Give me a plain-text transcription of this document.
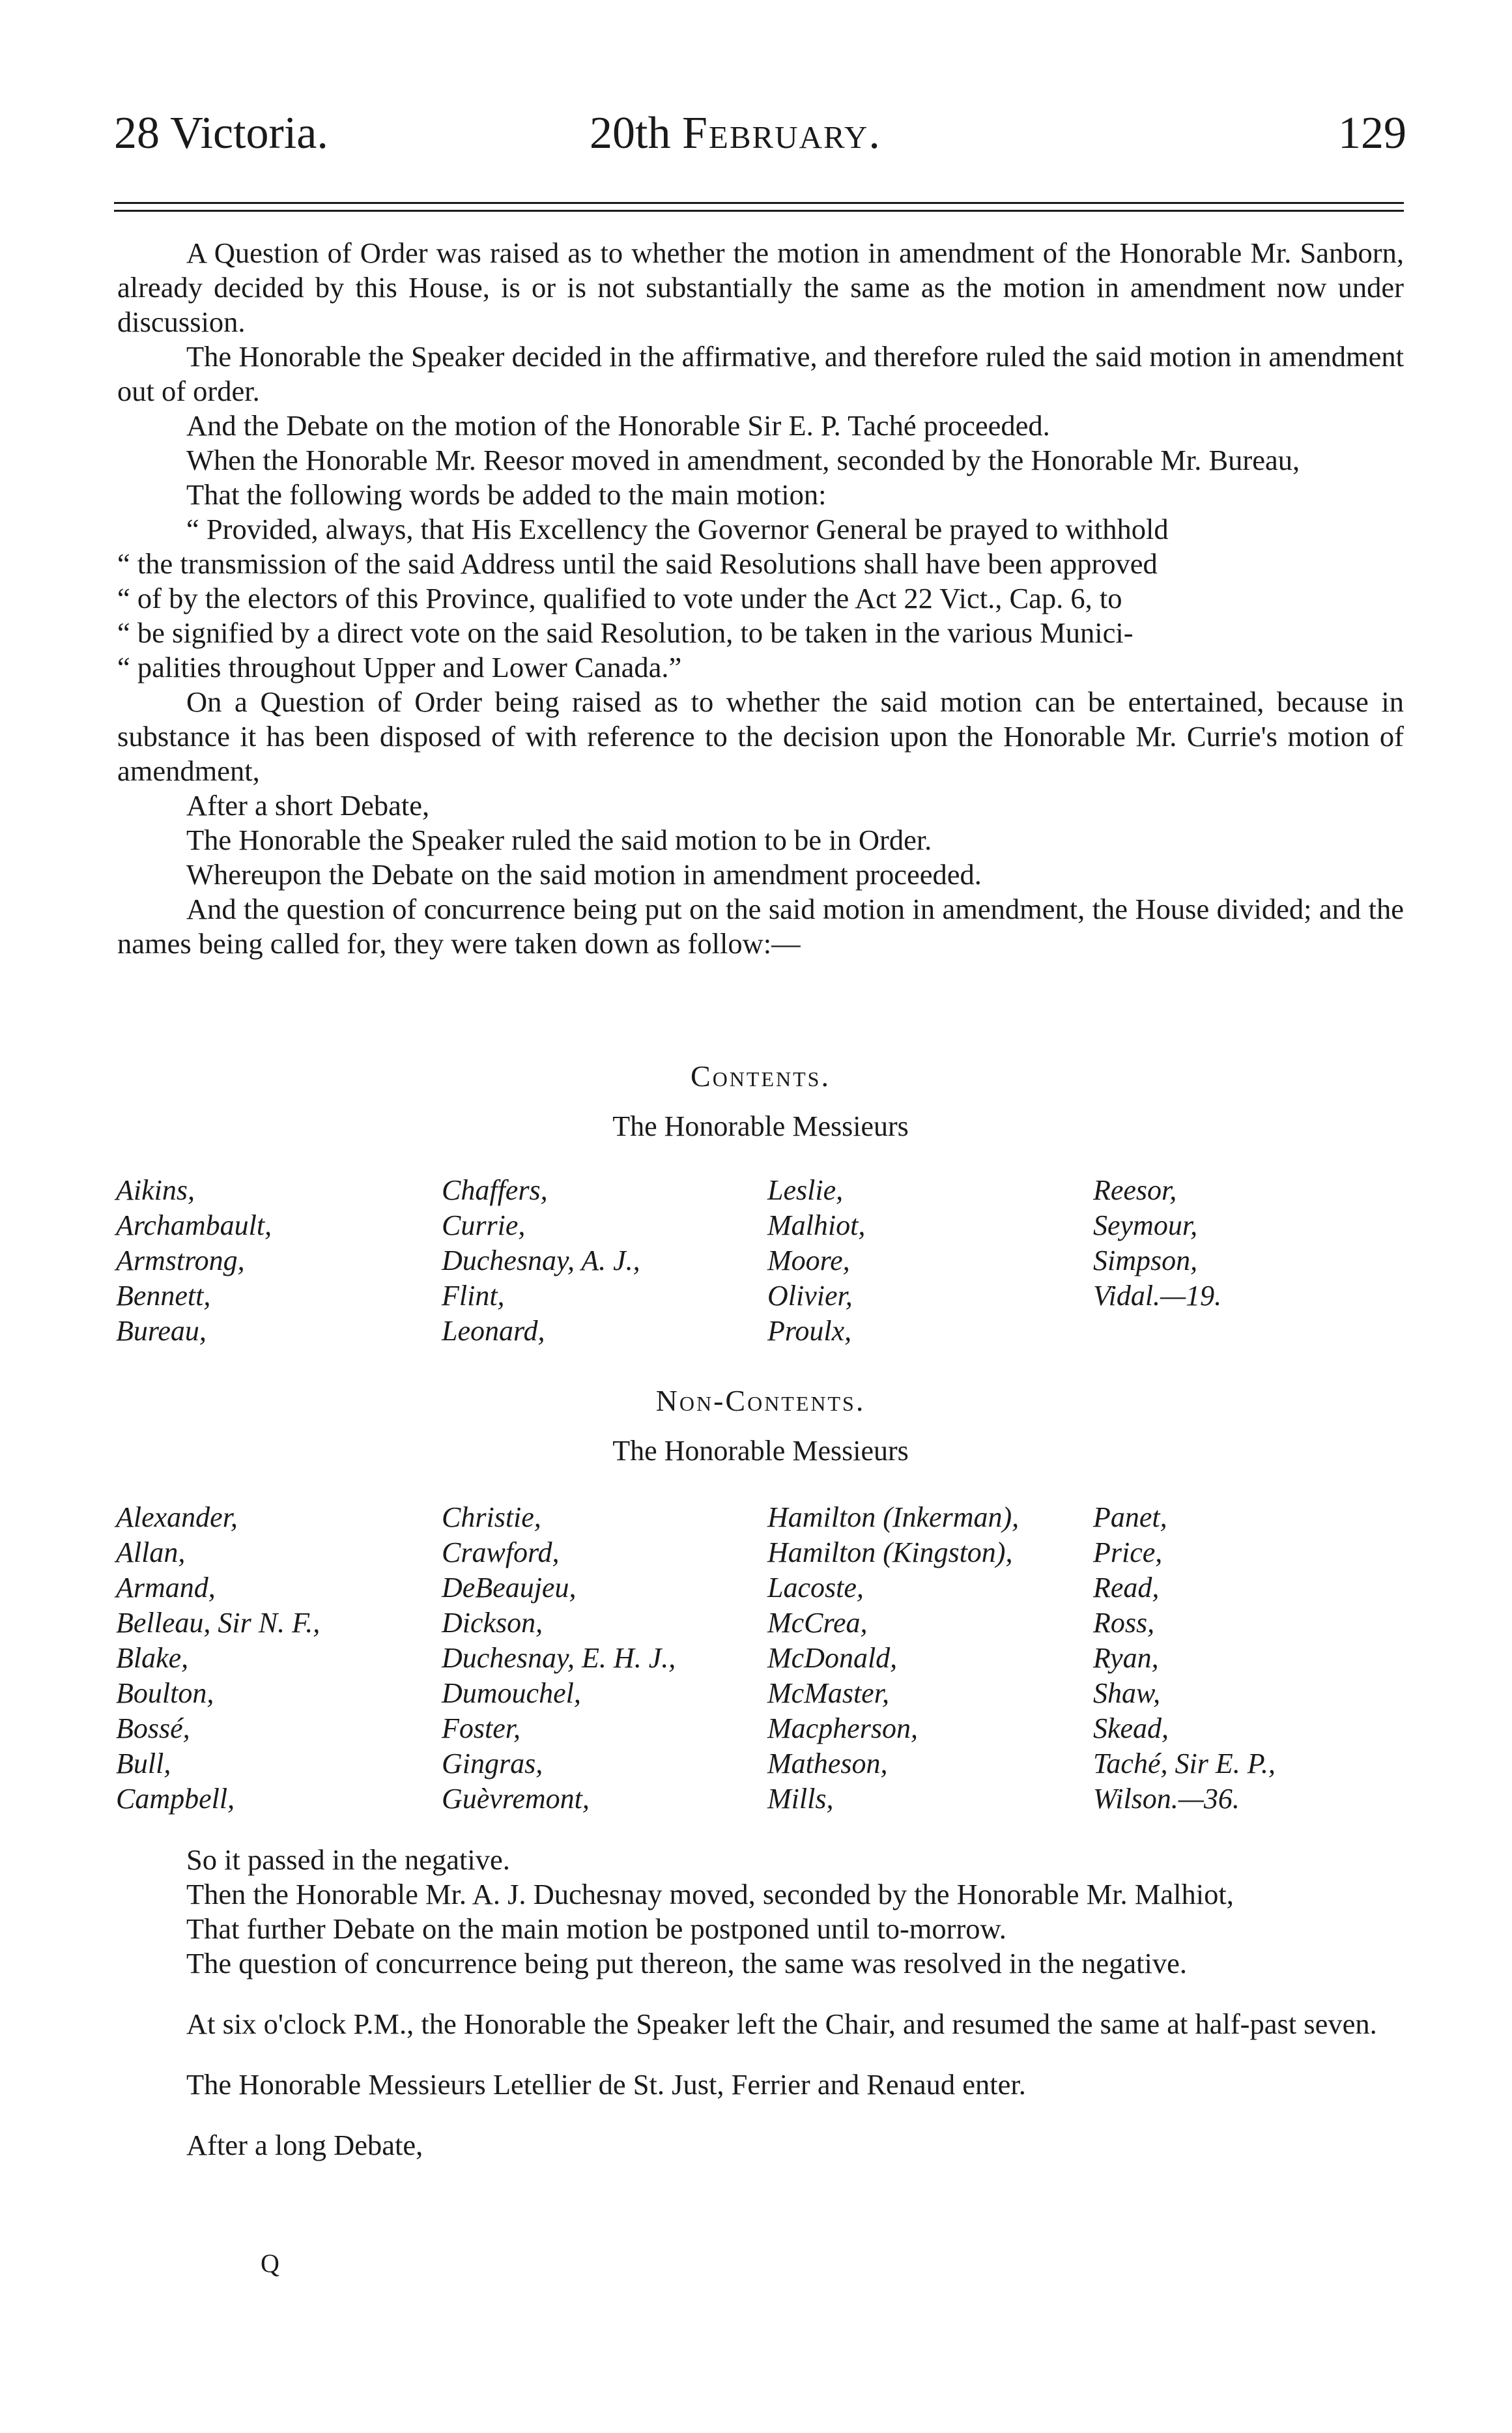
28 Victoria.	20th February.	129

A Question of Order was raised as to whether the motion in amendment of the Honorable Mr. Sanborn, already decided by this House, is or is not substantially the same as the motion in amendment now under discussion.

The Honorable the Speaker decided in the affirmative, and therefore ruled the said motion in amendment out of order.

And the Debate on the motion of the Honorable Sir E. P. Taché proceeded.

When the Honorable Mr. Reesor moved in amendment, seconded by the Honorable Mr. Bureau,

That the following words be added to the main motion:

“ Provided, always, that His Excellency the Governor General be prayed to withhold
“ the transmission of the said Address until the said Resolutions shall have been approved
“ of by the electors of this Province, qualified to vote under the Act 22 Vict., Cap. 6, to
“ be signified by a direct vote on the said Resolution, to be taken in the various Munici-
“ palities throughout Upper and Lower Canada.”

On a Question of Order being raised as to whether the said motion can be entertained, because in substance it has been disposed of with reference to the decision upon the Honorable Mr. Currie's motion of amendment,

After a short Debate,

The Honorable the Speaker ruled the said motion to be in Order.

Whereupon the Debate on the said motion in amendment proceeded.

And the question of concurrence being put on the said motion in amendment, the House divided; and the names being called for, they were taken down as follow:—

Contents.
The Honorable Messieurs
Aikins,
Archambault,
Armstrong,
Bennett,
Bureau,
Chaffers,
Currie,
Duchesnay, A. J.,
Flint,
Leonard,
Leslie,
Malhiot,
Moore,
Olivier,
Proulx,
Reesor,
Seymour,
Simpson,
Vidal.—19.
Non-Contents.
The Honorable Messieurs
Alexander,
Allan,
Armand,
Belleau, Sir N. F.,
Blake,
Boulton,
Bossé,
Bull,
Campbell,
Christie,
Crawford,
DeBeaujeu,
Dickson,
Duchesnay, E. H. J.,
Dumouchel,
Foster,
Gingras,
Guèvremont,
Hamilton (Inkerman),
Hamilton (Kingston),
Lacoste,
McCrea,
McDonald,
McMaster,
Macpherson,
Matheson,
Mills,
Panet,
Price,
Read,
Ross,
Ryan,
Shaw,
Skead,
Taché, Sir E. P.,
Wilson.—36.

So it passed in the negative.

Then the Honorable Mr. A. J. Duchesnay moved, seconded by the Honorable Mr. Malhiot,

That further Debate on the main motion be postponed until to-morrow.

The question of concurrence being put thereon, the same was resolved in the negative.

At six o'clock P.M., the Honorable the Speaker left the Chair, and resumed the same at half-past seven.

The Honorable Messieurs Letellier de St. Just, Ferrier and Renaud enter.

After a long Debate,

Q
